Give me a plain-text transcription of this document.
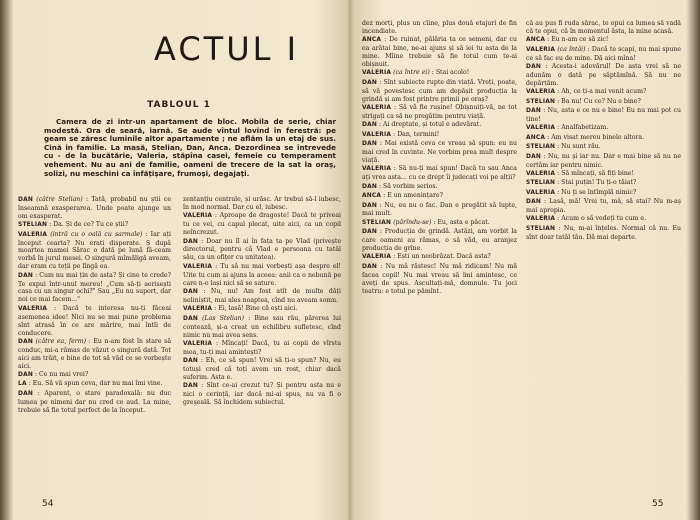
ACTUL I
TABLOUL 1
Camera de zi intr-un apartament de bloc. Mobila de serie, chiar modestă. Ora de seară, iarnă. Se aude vîntul lovind în ferestră: pe geam se zăresc luminile altor apartamente ; ne aflăm la un etaj de sus. Cină in familie. La masă, Stelian, Dan, Anca. Dezordinea se întrevede cu - de la bucătărie, Valeria, stăpîna casei, femeie cu temperament vehement. Nu au ani de familie, oameni de trecere de la sat la oraș, solizi, nu meschini ca înfățișare, frumoși, degajați.

DAN (către Stelian) : Tată, probabil nu știi ce înseamnă exasperarea. Unde poate ajunge un om exasperat.

STELIAN : Da. Și de ce? Tu ce știi?

VALERIA (intră cu o oală cu sarmale) : Iar ați început cearta? Nu erati disperate. Ș după moartea mamei Sărac o dată pe lună fă-ceam vorbă în jurul mesei. O singură mîmăligă aveam, dar eram cu toții pe lîngă ea.

DAN : Cum nu mai țin de asta? Și cine te crede? Te expui într-unul mereu! „Cum să-ți aerisești casa cu un singur ochi?" Sau „Eu nu suport, dar noi ce mai facem..."

VALERIA : Dacă te interesa nu-ți făceai asemenea idee! Nici nu se mai pune problema sînt atrasă în ce are mărire, mai întîi de conducere.

DAN (către ea, ferm) : Eu n-am fost în stare să conduc, mi-a rămas de văzut o singură dată. Tot aici am trăit, e bine de tot să văd ce se vorbește aici.

DAN : Ce nu mai vrei?

LA : Eu. Să vă spun ceva, dar nu mai îmi vine.

DAN : Aparent, o stare paradoxală: nu duc lumea pe nimeni dar nu cred ce aud. La mine, trebuie să fie totul perfect de la început.

zentanțiu centrale, și urăsc. Ar trebui să-l iubesc, în mod normal. Dar cu el, iubesc.

VALERIA : Aproape de dragoste! Dacă te priveai tu ce vei, cu capul plecat, uite aici, ca un copil neîncrezut.

DAN : Doar nu îl ai în fața ta pe Vlad (privește directorul, pentru că Vlad e persoana cu tatăl său, ca un ofițer cu unitatea).

VALERIA : Tu să nu mai vorbești așa despre el! Uite tu cum ai ajuns la aceea: anii ca o nebună pe care n-o lași nici să se sature.

DAN : Nu, nu! Am fost atît de multe dăți neliniștit, mai ales noaptea, cînd nu aveam somn.

VALERIA : Ei, lasă! Bine că ești aici.

DAN (Las Stelian) : Bine sau rău, părerea lui contează, și-a creat un echilibru sufletesc, cînd nimic nu mai avea sens.

VALERIA : Mîncați! Dacă, tu ai copii de vîrsta mea, tu-ți mai amintești?

DAN : Eh, ce să spun! Vrei să ți-o spun? Nu, eu totuși cred că toți avem un rost, chiar dacă suferim. Asta e.

DAN : Sînt ce-ai crezut tu? Și pentru asta nu e nici o cerință, iar dacă mi-ai spus, nu va fi o greșeală. Să închidem subiectul.

54

dez morți, plus un cîine, plus două etajuri de fin incendiate.

ANCA : De ruinat, pălăria ta ce semeni, dar cu ea arătai bine, ne-ai ajuns și să iei tu asta de la mine. Mîine trebuie să fie totul cum te-ai obișnuit.

VALERIA (ca între ei) : Stai acolo!

DAN : Sînt subiecte rupte din viață. Vreți, poate, să vă povestesc cum am depășit producția la grindă și am fost printre primii pe oraș?

VALERIA : Să vă fie rușine! Obișnuiți-vă, ne tot strigați ca să ne pregătim pentru viață.

DAN : Ai dreptate, și totul e adevărat.

VALERIA : Dan, termini!

DAN : Mai există ceva ce vreau să spun: eu nu mai cred în cuvinte. Ne vorbim prea mult despre viață.

VALERIA : Să nu-ți mai spun! Dacă tu sau Anca ați vrea asta... cu ce drept îi judecați voi pe alții?

DAN : Să vorbim serios.

ANCA : E un amenințare?

DAN : Nu, eu nu o fac. Dan e pregătit să lupte, mai mult.

STELIAN (părîndu-se) : Eu, asta e păcat.

DAN : Producția de grindă. Astăzi, am vorbit la care oameni au rămas, o să văd, eu aranjez producția de grîne.

VALERIA : Ești un neobrăzat. Dacă asta?

DAN : Nu mă răstesc! Nu mă ridicam! Nu mă facea copil! Nu mai vreau să îmi amintesc, ce aveți de spus. Ascultați-mă, domnule. Tu joci teatru: e totul pe pămînt.

că au pus fi ruda sărac, te opui ca lumea să vadă că te opui, că în momentul ăsta, la mine acasă.

ANCA : Eu n-am ce să zic!

VALERIA (ca întâi) : Dacă te scapi, nu mai spune ce să fac eu de mine. Dă aici mîna!

DAN : Acesta-i adevărul! De asta vrei să ne adunăm o dată pe săptămînă. Să nu ne depărtăm.

VALERIA : Ah, ce ți-a mai venit acum?

STELIAN : Ba nu! Cu ce? Nu e bine?

DAN : Nu, asta e ce nu e bine! Eu nu mai pot cu tine!

VALERIA : Analfabetizam.

ANCA : Am visat mereu binele altora.

STELIAN : Nu sunt rău.

DAN : Nu, nu și iar nu. Dar e mai bine să nu ne certăm iar pentru nimic.

VALERIA : Să mîncați, să fiți bine!

STELIAN : Stai puțin! Tu ți-o tăiat?

VALERIA : Nu ți se întîmplă nimic?

DAN : Lasă, mă! Vrei tu, mă, să stai? Nu m-aș mai apropia.

VALERIA : Acum o să vedeți tu cum e.

STELIAN : Nu, m-ai înțeles. Normal că nu. Eu sînt doar tatăl tău. Dă mai departe.

55
